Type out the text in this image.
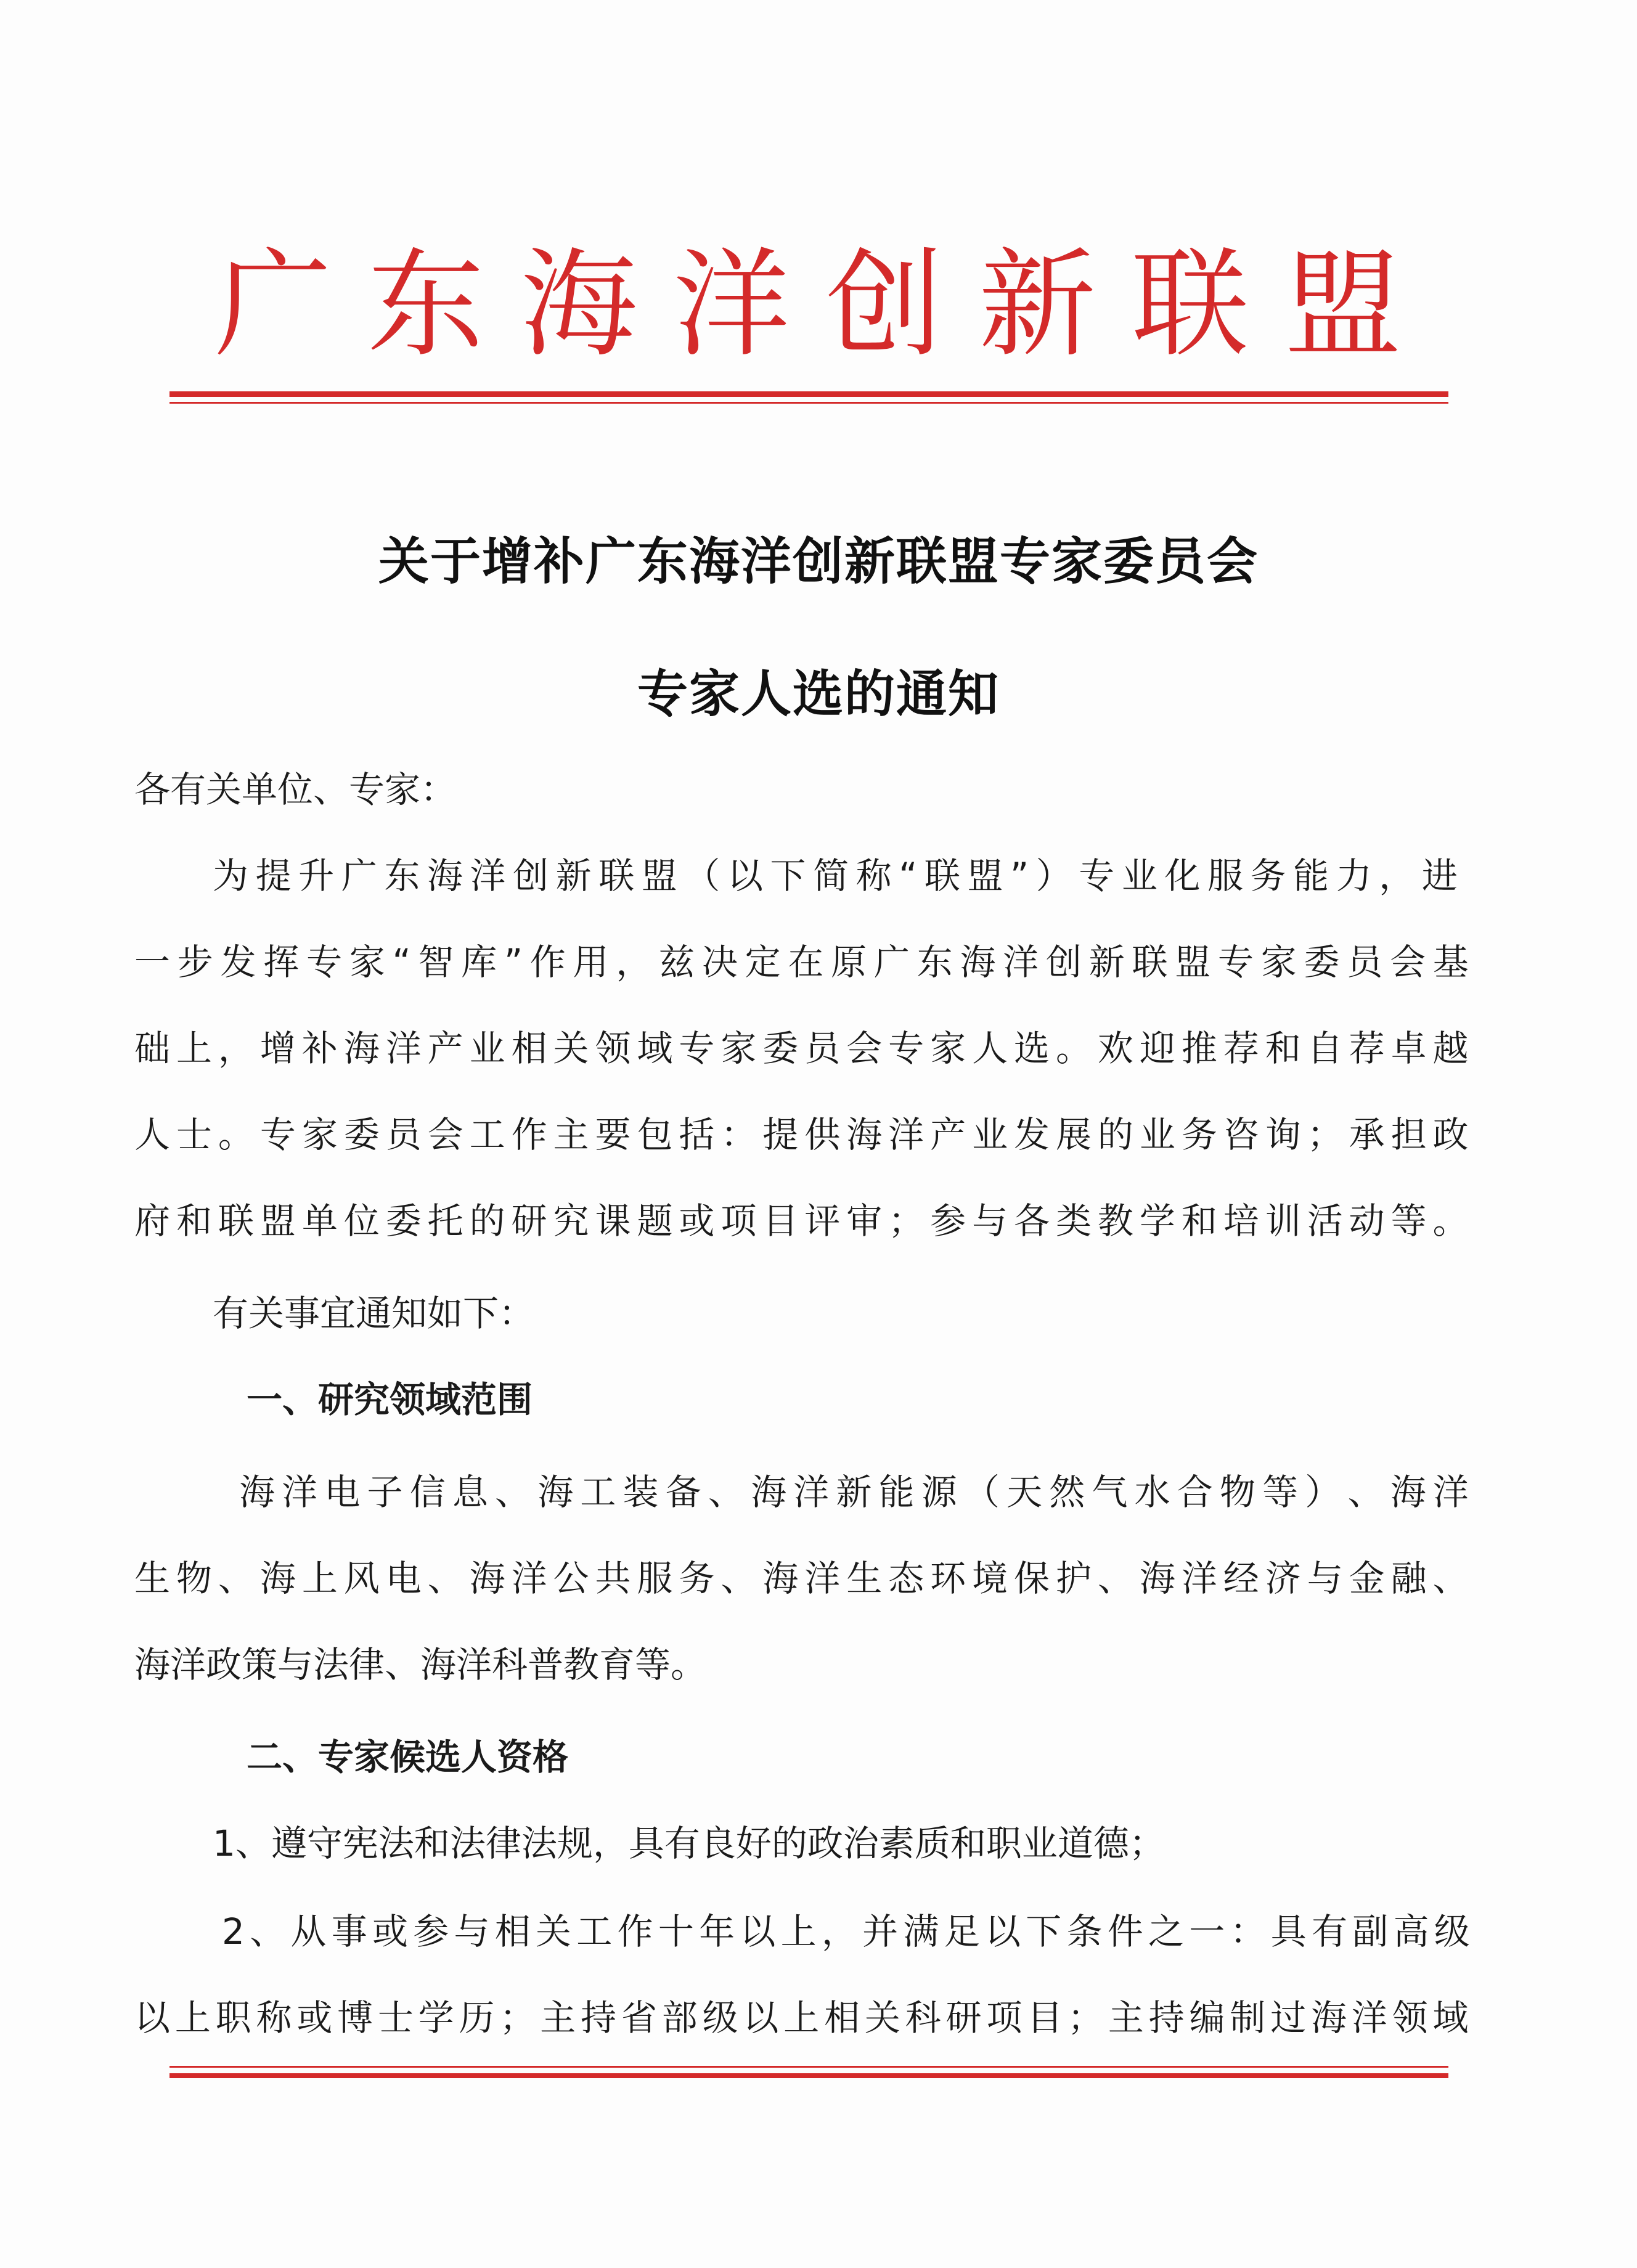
广东海洋创新联盟
关于增补广东海洋创新联盟专家委员会
专家人选的通知
各有关单位、专家：
为 提 升 广 东 海 洋 创 新 联 盟 （ 以 下 简 称 “ 联 盟 ” ） 专 业 化 服 务 能 力 ， 进
一 步 发 挥 专 家 “ 智 库 ” 作 用 ， 兹 决 定 在 原 广 东 海 洋 创 新 联 盟 专 家 委 员 会 基
础 上 ， 增 补 海 洋 产 业 相 关 领 域 专 家 委 员 会 专 家 人 选 。 欢 迎 推 荐 和 自 荐 卓 越
人 士 。 专 家 委 员 会 工 作 主 要 包 括 ： 提 供 海 洋 产 业 发 展 的 业 务 咨 询 ； 承 担 政
府 和 联 盟 单 位 委 托 的 研 究 课 题 或 项 目 评 审 ； 参 与 各 类 教 学 和 培 训 活 动 等 。
有关事宜通知如下：
一、研究领域范围
海 洋 电 子 信 息 、 海 工 装 备 、 海 洋 新 能 源 （ 天 然 气 水 合 物 等 ） 、 海 洋
生 物 、 海 上 风 电 、 海 洋 公 共 服 务 、 海 洋 生 态 环 境 保 护 、 海 洋 经 济 与 金 融 、
海洋政策与法律、海洋科普教育等。
二、专家候选人资格
1、遵守宪法和法律法规，具有良好的政治素质和职业道德；
2 、 从 事 或 参 与 相 关 工 作 十 年 以 上 ， 并 满 足 以 下 条 件 之 一 ： 具 有 副 高 级
以 上 职 称 或 博 士 学 历 ； 主 持 省 部 级 以 上 相 关 科 研 项 目 ； 主 持 编 制 过 海 洋 领 域
